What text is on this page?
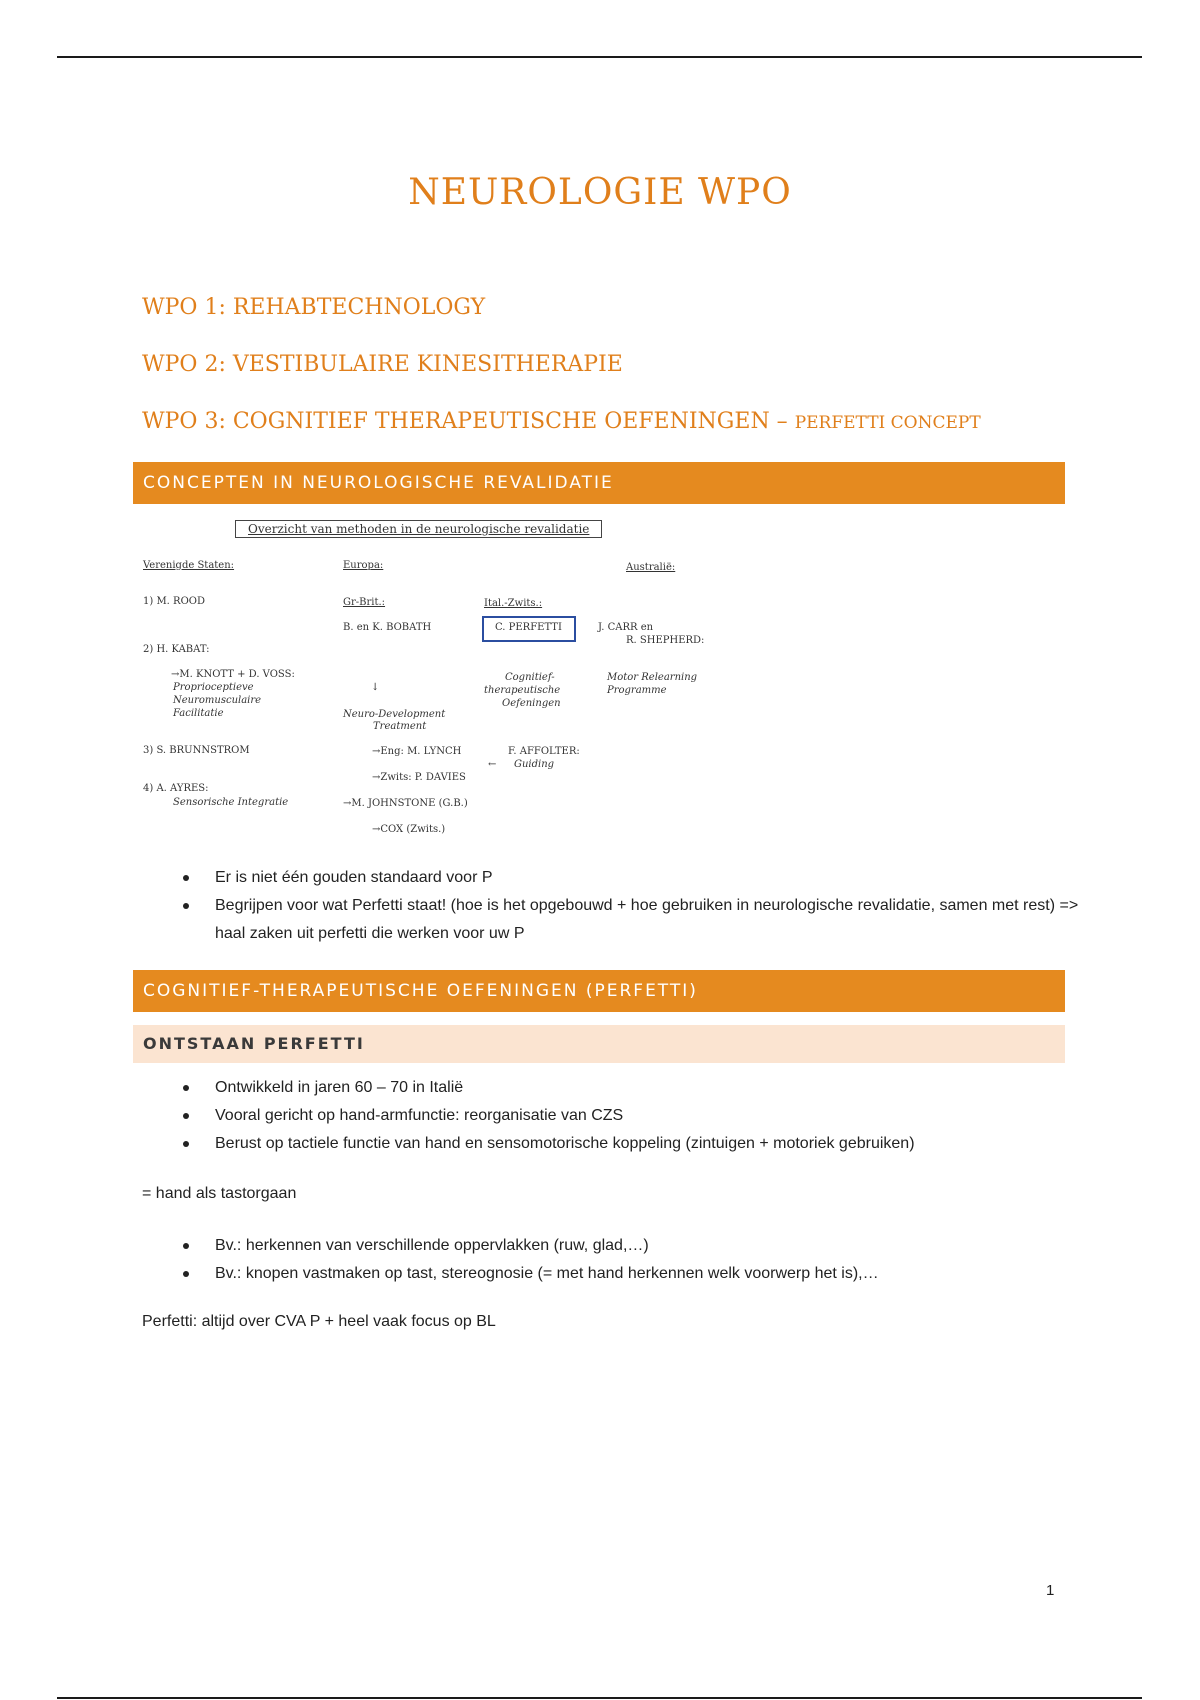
NEUROLOGIE WPO
WPO 1: REHABTECHNOLOGY
WPO 2: VESTIBULAIRE KINESITHERAPIE
WPO 3: COGNITIEF THERAPEUTISCHE OEFENINGEN – PERFETTI CONCEPT
CONCEPTEN IN NEUROLOGISCHE REVALIDATIE
Overzicht van methoden in de neurologische revalidatie
Verenigde Staten:	Europa:	Australië:
1) M. ROOD
2) H. KABAT:
→M. KNOTT + D. VOSS:
Proprioceptieve
Neuromusculaire
Facilitatie
3) S. BRUNNSTROM
4) A. AYRES:
Sensorische Integratie
Gr-Brit.:
B. en K. BOBATH
↓
Neuro-Development
Treatment
→Eng: M. LYNCH
→Zwits: P. DAVIES
→M. JOHNSTONE (G.B.)
→COX (Zwits.)
Ital.-Zwits.:
C. PERFETTI
Cognitief-
therapeutische
Oefeningen
F. AFFOLTER:
Guiding
←
J. CARR en
R. SHEPHERD:
Motor Relearning
Programme
Er is niet één gouden standaard voor P
Begrijpen voor wat Perfetti staat! (hoe is het opgebouwd + hoe gebruiken in neurologische revalidatie, samen met rest) => haal zaken uit perfetti die werken voor uw P
COGNITIEF-THERAPEUTISCHE OEFENINGEN (PERFETTI)
ONTSTAAN PERFETTI
Ontwikkeld in jaren 60 – 70 in Italië
Vooral gericht op hand-armfunctie: reorganisatie van CZS
Berust op tactiele functie van hand en sensomotorische koppeling (zintuigen + motoriek gebruiken)
= hand als tastorgaan
Bv.: herkennen van verschillende oppervlakken (ruw, glad,…)
Bv.: knopen vastmaken op tast, stereognosie (= met hand herkennen welk voorwerp het is),…
Perfetti: altijd over CVA P + heel vaak focus op BL
1
